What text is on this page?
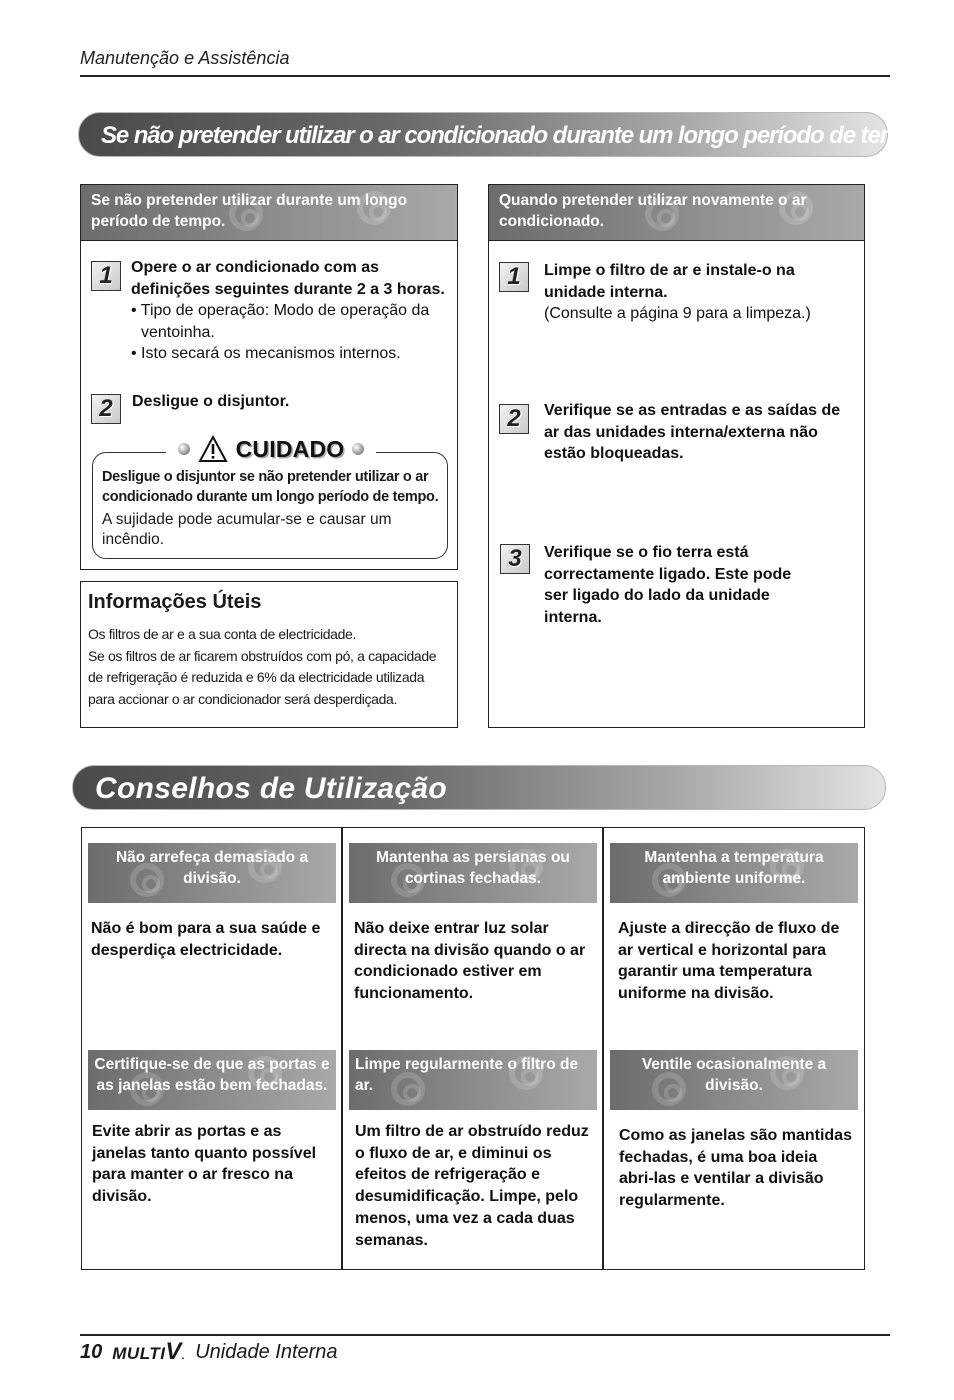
Manutenção e Assistência
Se não pretender utilizar o ar condicionado durante um longo período de tempo
Se não pretender utilizar durante um longo período de tempo.
1	Opere o ar condicionado com as definições seguintes durante 2 a 3 horas.
• Tipo de operação: Modo de operação da ventoinha.
• Isto secará os mecanismos internos.
2	Desligue o disjuntor.
CUIDADO
Desligue o disjuntor se não pretender utilizar o ar condicionado durante um longo período de tempo.
A sujidade pode acumular-se e causar um incêndio.
Informações Úteis
Os filtros de ar e a sua conta de electricidade.
Se os filtros de ar ficarem obstruídos com pó, a capacidade de refrigeração é reduzida e 6% da electricidade utilizada para accionar o ar condicionador será desperdiçada.
Quando pretender utilizar novamente o ar condicionado.
1	Limpe o filtro de ar e instale-o na unidade interna.
(Consulte a página 9 para a limpeza.)
2	Verifique se as entradas e as saídas de ar das unidades interna/externa não estão bloqueadas.
3	Verifique se o fio terra está correctamente ligado. Este pode ser ligado do lado da unidade interna.
Conselhos de Utilização
Não arrefeça demasiado a divisão.
Mantenha as persianas ou cortinas fechadas.
Mantenha a temperatura ambiente uniforme.
Não é bom para a sua saúde e desperdiça electricidade.
Não deixe entrar luz solar directa na divisão quando o ar condicionado estiver em funcionamento.
Ajuste a direcção de fluxo de ar vertical e horizontal para garantir uma temperatura uniforme na divisão.
Certifique-se de que as portas e as janelas estão bem fechadas.
Limpe regularmente o filtro de ar.
Ventile ocasionalmente a divisão.
Evite abrir as portas e as janelas tanto quanto possível para manter o ar fresco na divisão.
Um filtro de ar obstruído reduz o fluxo de ar, e diminui os efeitos de refrigeração e desumidificação. Limpe, pelo menos, uma vez a cada duas semanas.
Como as janelas são mantidas fechadas, é uma boa ideia abri-las e ventilar a divisão regularmente.
10 MULTIV. Unidade Interna
